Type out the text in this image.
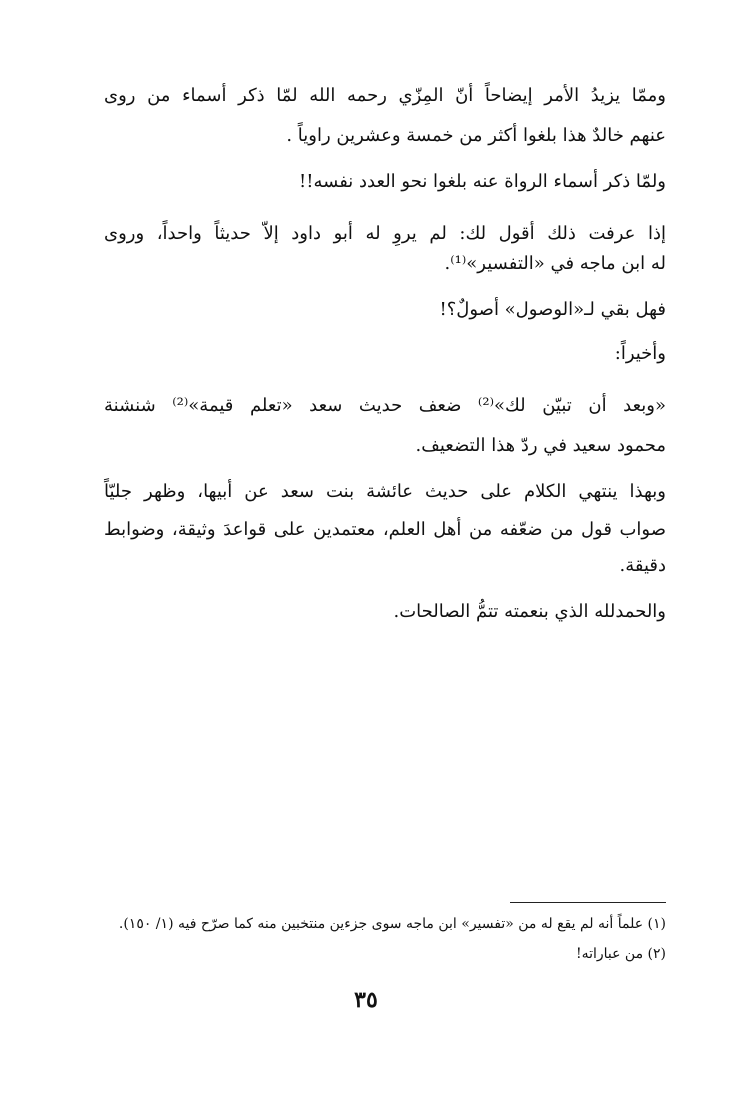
وممّا يزيدُ الأمر إيضاحاً أنّ المِزّي رحمه الله لمّا ذكر أسماء من روى
عنهم خالدٌ هذا بلغوا أكثر من خمسة وعشرين راوياً .
ولمّا ذكر أسماء الرواة عنه بلغوا نحو العدد نفسه!!
إذا عرفت ذلك أقول لك: لم يروِ له أبو داود إلاّ حديثاً واحداً، وروى
له ابن ماجه في «التفسير»⁽¹⁾.
فهل بقي لـ«الوصول» أصولٌ؟!
وأخيراً:
«وبعد أن تبيّن لك»⁽²⁾ ضعف حديث سعد «تعلم قيمة»⁽²⁾ شنشنة
محمود سعيد في ردّ هذا التضعيف.
وبهذا ينتهي الكلام على حديث عائشة بنت سعد عن أبيها، وظهر جليّاً
صواب قول من ضعّفه من أهل العلم، معتمدين على قواعدَ وثيقة، وضوابط
دقيقة.
والحمدلله الذي بنعمته تتمُّ الصالحات.
(١) علماً أنه لم يقع له من «تفسير» ابن ماجه سوى جزءين منتخبين منه كما صرّح فيه (١/ ١٥٠).
(٢) من عباراته!
٣٥
